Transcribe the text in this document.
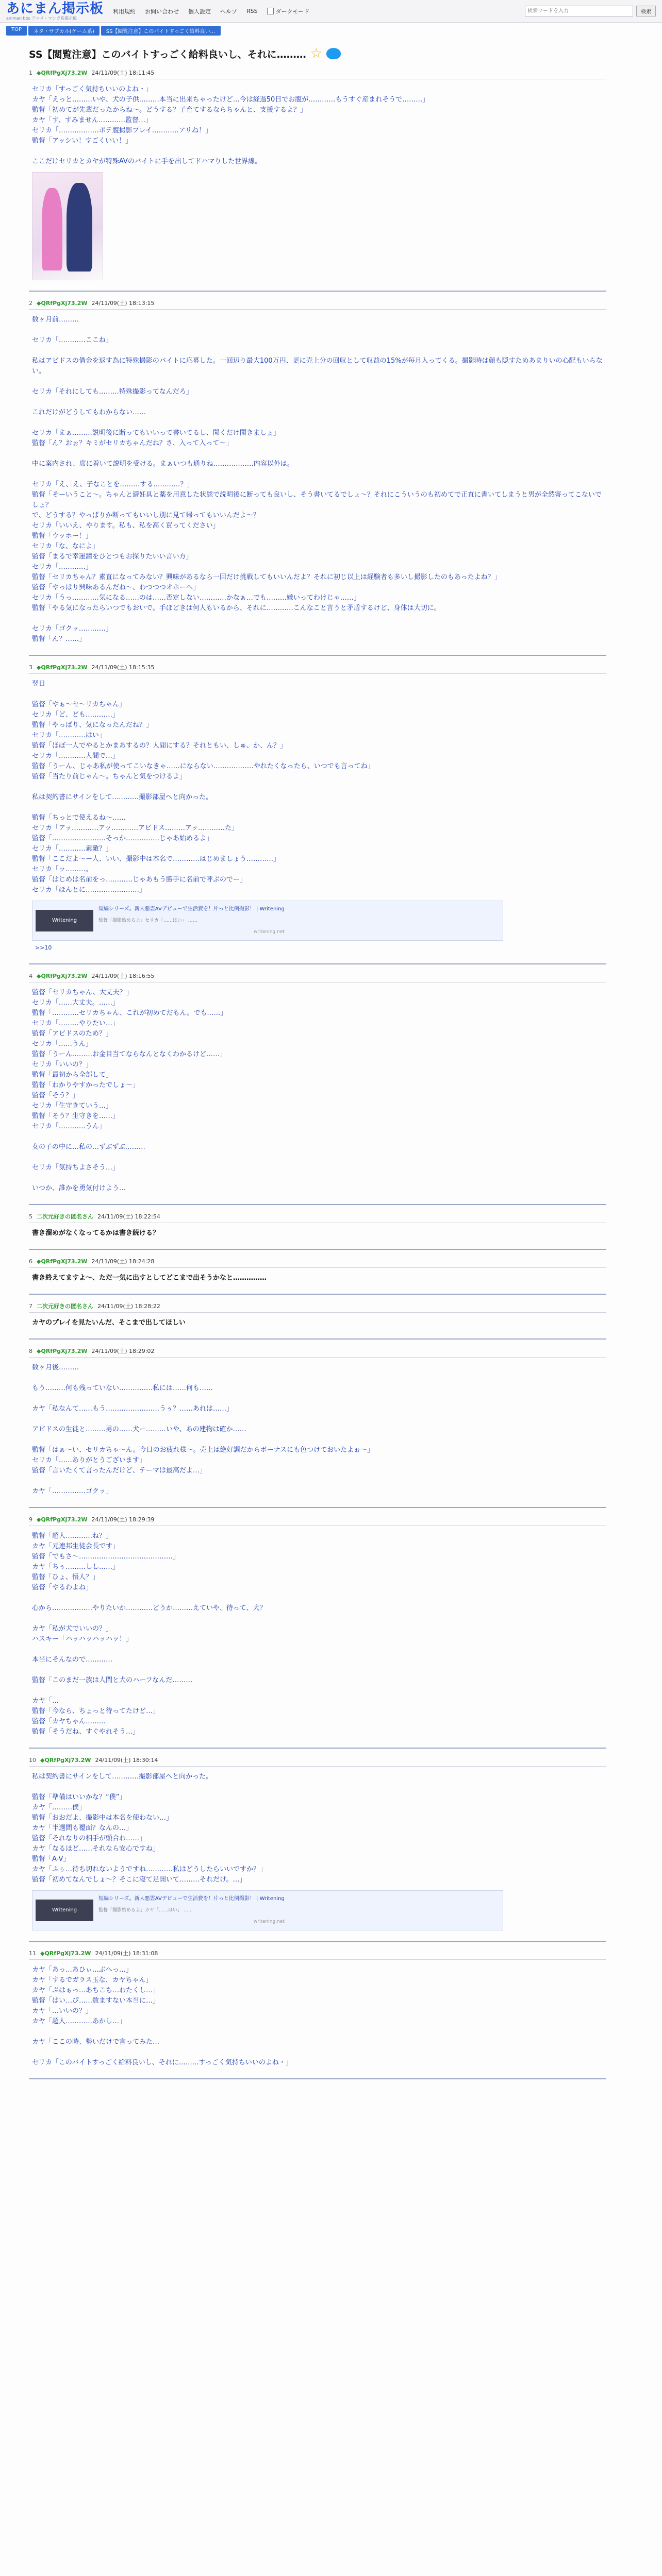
あにまん掲示板
animan bbs アニメ・マンガ系掲示板
利用規約 お問い合わせ 個人設定 ヘルプ RSS	ダークモード
検索ワードを入力	検索
TOP	ネタ・サブカル(ゲーム系)	SS【閲覧注意】このバイトすっごく給料良い…
SS【閲覧注意】このバイトすっごく給料良いし、それに……… ☆
1 ◆QRfPgXj73.2W 24/11/09(土) 18:11:45
セリカ「すっごく気持ちいいのよね・」
カヤ「えっと………いや、犬の子供………本当に出来ちゃったけど…今は経過50日でお腹が…………もうすぐ産まれそうで………」
監督「初めてが先輩だったからね～。どうする？子育てするならちゃんと、支援するよ？」
カヤ「す、すみません…………監督…」
セリカ「………………ボテ腹撮影プレイ…………アリね！」
監督「アッシい！すごくいい！」
ここだけセリカとカヤが特殊AVのバイトに手を出してドハマりした世界線。
2 ◆QRfPgXj73.2W 24/11/09(土) 18:13:15
数ヶ月前………
セリカ「…………ここね」
私はアビドスの借金を返す為に特殊撮影のバイトに応募した。一回辺り最大100万円、更に売上分の回収として収益の15%が毎月入ってくる。撮影時は顔も隠すためあまりいの心配もいらない。
セリカ「それにしても………特殊撮影ってなんだろ」
これだけがどうしてもわからない……
セリカ「まぁ………説明後に断ってもいいって書いてるし、聞くだけ聞きましょ」
監督「ん？おぉ？キミがセリカちゃんだね？さ、入って入って～」
中に案内され、席に着いて説明を受ける。まぁいつも通りね………………内容以外は。
セリカ「え、え、子なことを………する…………？」
監督「そーいうこと～。ちゃんと避妊具と薬を用意した状態で説明後に断っても良いし、そう書いてるでしょ～？それにこういうのも初めてで正直に書いてしまうと男が全然寄ってこないでしょ？
で、どうする？やっぱりか断ってもいいし別に見て帰ってもいいんだよ～？
セリカ「いいえ、やります。私も、私を高く買ってください」
監督「ウッホー！」
セリカ「な、なによ」
監督「まるで幸運鐘をひとつもお探りたいい言い方」
セリカ「…………」
監督「セリカちゃん？素直になってみない？興味があるなら一回だけ挑戦してもいいんだよ？それに初じ以上は経験者も多いし撮影したのもあったよね？」
監督「やっぱり興味あるんだね～、わつつつオホーへ」
セリカ「うっ…………気になる……のは……否定しない…………かなぁ…でも………嫌いってわけじゃ……」
監督「やる気になったらいつでもおいで。手ほどきは何人もいるから、それに…………こんなこと言うと矛盾するけど、身体は大切に。
セリカ「ゴクッ…………」
監督「ん？……」
3 ◆QRfPgXj73.2W 24/11/09(土) 18:15:35
翌日
監督「やぁ～セ〜リカちゃん」
セリカ「ど、ども…………」
監督「やっぱり、気になったんだね？」
セリカ「…………はい」
監督「ほぼ一人でやるとかまあするの？人間にする？それともい、しゅ、か、ん？」
セリカ「…………人間で…」
監督「うーん、じゃあ私が使ってこいなきゃ……にならない………………やれたくなったら、いつでも言ってね」
監督「当たり前じゃん～。ちゃんと気をつけるよ」
私は契約書にサインをして…………撮影部屋へと向かった。
監督「ちっとで使えるね～……
セリカ「アッ…………アッ…………アビドス………アッ…………た」
監督「……………………そっか……………じゃあ始めるよ」
セリカ「…………素敵？」
監督「ここだよ～ー人、いい、撮影中は本名で…………はじめましょう…………」
セリカ「ッ………。
監督「はじめは名前をっ…………じゃあもう勝手に名前で呼ぶのでー」
セリカ「ほんとに……………………」
Writening
短編シリーズ。新人悪霊AVデビューで生活費を！片っと比例撮影！ | Writening
監督「撮影始めるよ」セリカ「……はい」 ……
writening.net
>>10
4 ◆QRfPgXj73.2W 24/11/09(土) 18:16:55
監督「セリカちゃん、大丈夫？」
セリカ「……大丈夫。……」
監督「…………セリカちゃん、これが初めてだもん。でも……」
セリカ「………やりたい…」
監督「アビドスのため？」
セリカ「……うん」
監督「うーん………お金目当てならなんとなくわかるけど……」
セリカ「いいの？」
監督「最初から全部して」
監督「わかりやすかったでしょ～」
監督「そう？」
セリカ「生守きていう…」
監督「そう？生守きを……」
セリカ「…………うん」
女の子の中に…私の…ずぶずぶ………
セリカ「気持ちよさそう…」
いつか、誰かを勇気付けよう…
5 二次元好きの匿名さん 24/11/09(土) 18:22:54
書き溜めがなくなってるかは書き続ける？
6 ◆QRfPgXj73.2W 24/11/09(土) 18:24:28
書き終えてますよ～、ただ一気に出すとしてどこまで出そうかなと……………
7 二次元好きの匿名さん 24/11/09(土) 18:28:22
カヤのプレイを見たいんだ、そこまで出してほしい
8 ◆QRfPgXj73.2W 24/11/09(土) 18:29:02
数ヶ月後………
もう………何も残っていない……………私には……何も……
カヤ「私なんて……もう……………………うぅ？……あれは……」
アビドスの生徒と………男の……犬ー………いや、あの建物は確か……
監督「はぁ～い、セリカちゃ～ん。今日のお疲れ様～。売上は絶好調だからボーナスにも色つけておいたよぉ～」
セリカ「……ありがとうございます」
監督「言いたくて言ったんだけど、テーマは最高だよ…」
カヤ「……………ゴクッ」
9 ◆QRfPgXj73.2W 24/11/09(土) 18:29:39
監督「超人…………ね？」
カヤ「元連邦生徒会長です」
監督「でもさ～……………………………………」
カヤ「ちぅ………しし……」
監督「ひょ、悟人？」
監督「やるわよね」
心から………………やりたいか…………どうか………えていや、待って、犬？
カヤ「私が犬でいいの？」
ハスキー「ハッハッハッハッ！」
本当にそんなので…………
監督「このまだ一族は人間と犬のハーフなんだ………
カヤ「…
監督「今なら、ちょっと待ってたけど…」
監督「カヤちゃん………
監督「そうだね、すぐやれそう…」
10 ◆QRfPgXj73.2W 24/11/09(土) 18:30:14
私は契約書にサインをして…………撮影部屋へと向かった。
監督「準備はいいかな？“僕”」
カヤ「………僕」
監督「おおだよ、撮影中は本名を使わない…」
カヤ「半週間も覆面？なんの…」
監督「それなりの相手が頭合わ……」
カヤ「なるほど……それなら安心ですね」
監督「A-V」
カヤ「ふぅ…待ち切れないようですね…………私はどうしたらいいですか？」
監督「初めてなんでしょ～？そこに寝て足開いて………それだけ。…」
Writening
短編シリーズ。新人悪霊AVデビューで生活費を！片っと比例撮影！ | Writening
監督「撮影始めるよ」カヤ「……はい」 ……
writening.net
11 ◆QRfPgXj73.2W 24/11/09(土) 18:31:08
カヤ「あっ…あひぃ…ぶへっ…」
カヤ「するでガラス玉な、カヤちゃん」
カヤ「ぷはぁっ…あちこち…わたくし…」
監督「はい…ぴ……数ますない本当に…」
カヤ「…いいの？」
カヤ「超人…………あかし…」
カヤ「ここの時、勢いだけで言ってみた…
セリカ「このバイトすっごく給料良いし、それに………すっごく気持ちいいのよね・」
